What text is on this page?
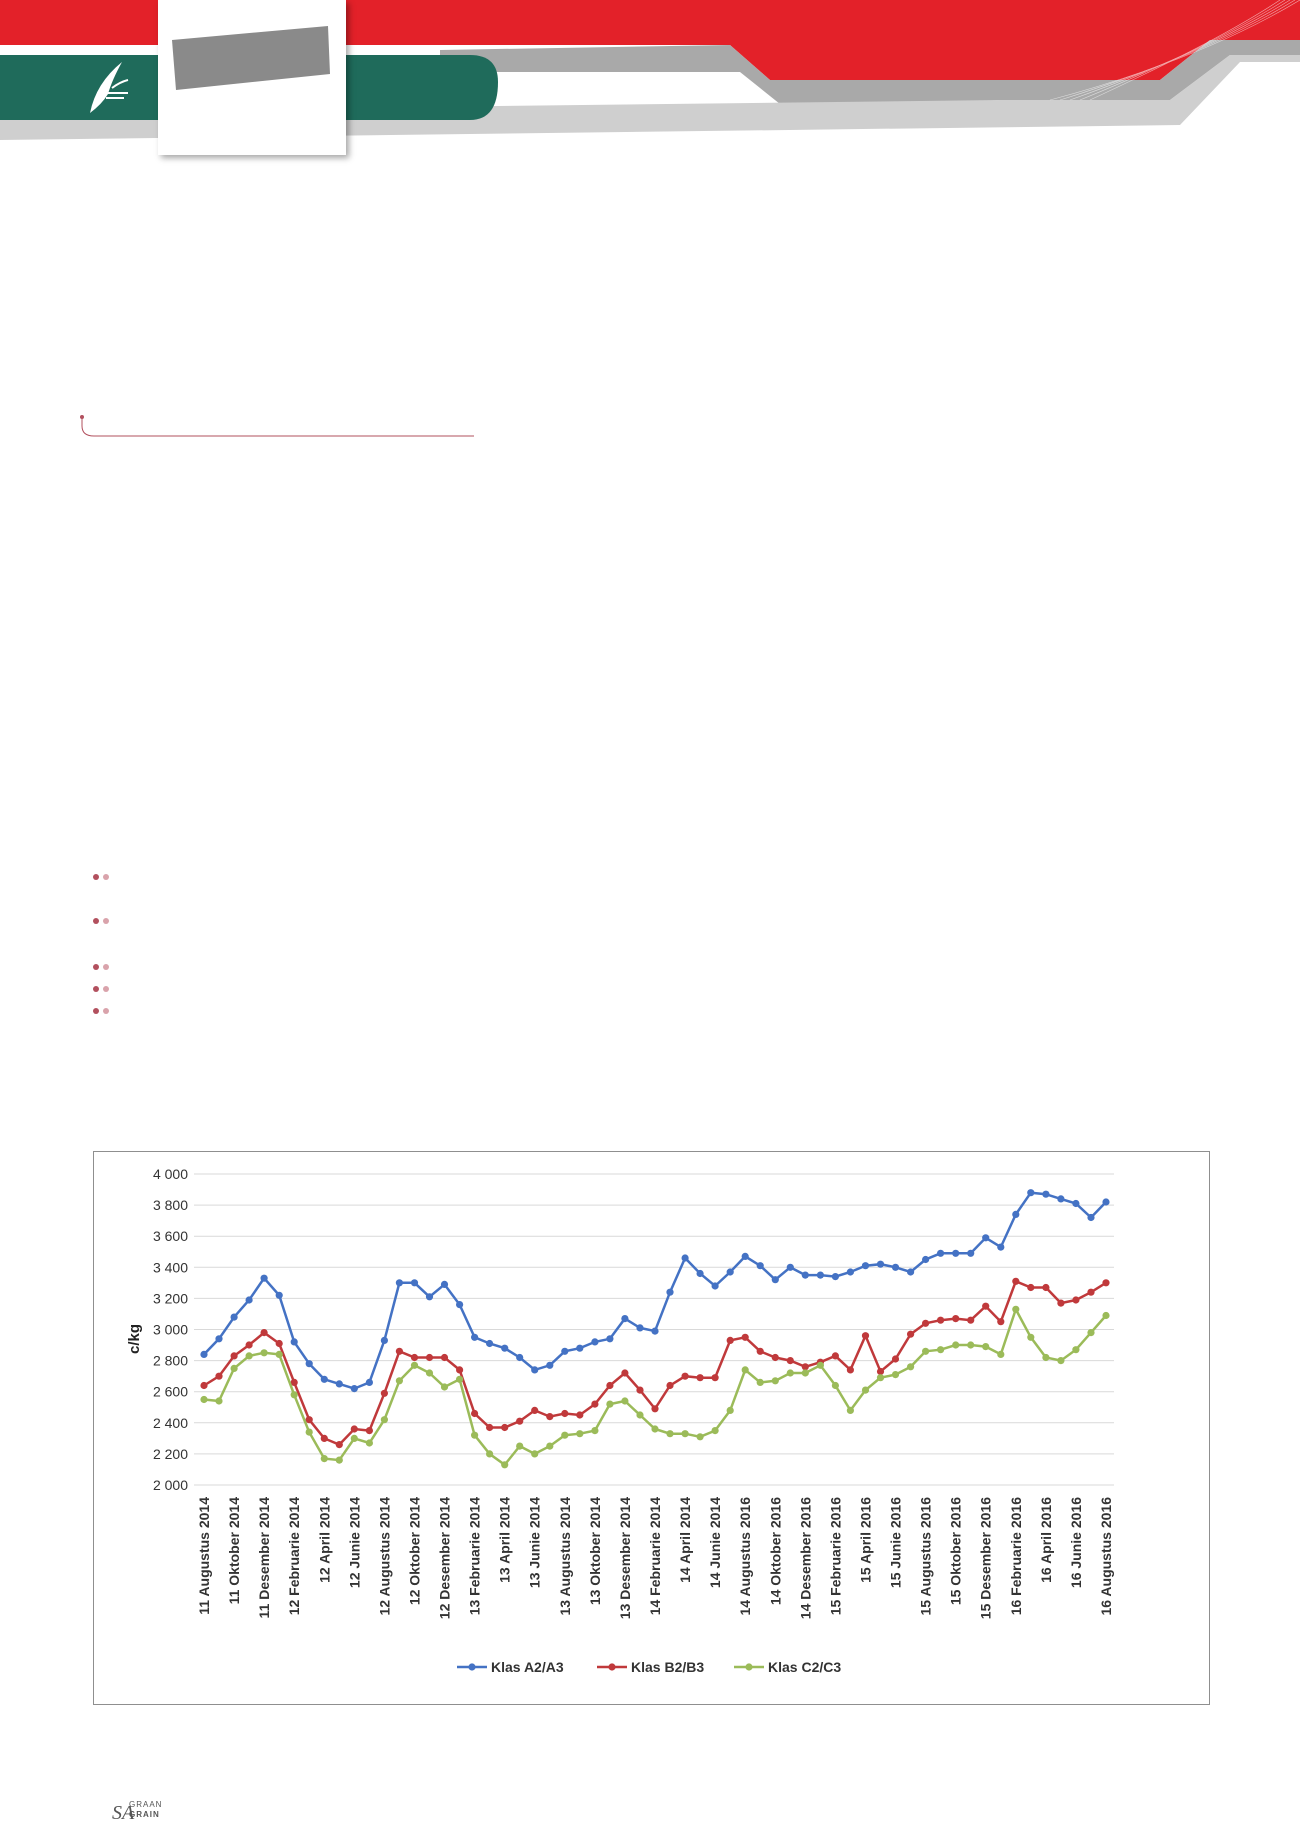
2 000
2 200
2 400
2 600
2 800
3 000
3 200
3 400
3 600
3 800
4 000
11 Augustus 2014 11 Oktober 2014 11 Desember 2014 12 Februarie 2014 12 April 2014 12 Junie 2014 12 Augustus 2014 12 Oktober 2014 12 Desember 2014 13 Februarie 2014 13 April 2014 13 Junie 2014 13 Augustus 2014 13 Oktober 2014 13 Desember 2014 14 Februarie 2014 14 April 2014 14 Junie 2014 14 Augustus 2016 14 Oktober 2016 14 Desember 2016 15 Februarie 2016 15 April 2016 15 Junie 2016 15 Augustus 2016 15 Oktober 2016 15 Desember 2016 16 Februarie 2016 16 April 2016 16 Junie 2016 16 Augustus 2016
Klas A2/A3	Klas B2/B3	Klas C2/C3
c/kg
SA
GRAAN
GRAIN
